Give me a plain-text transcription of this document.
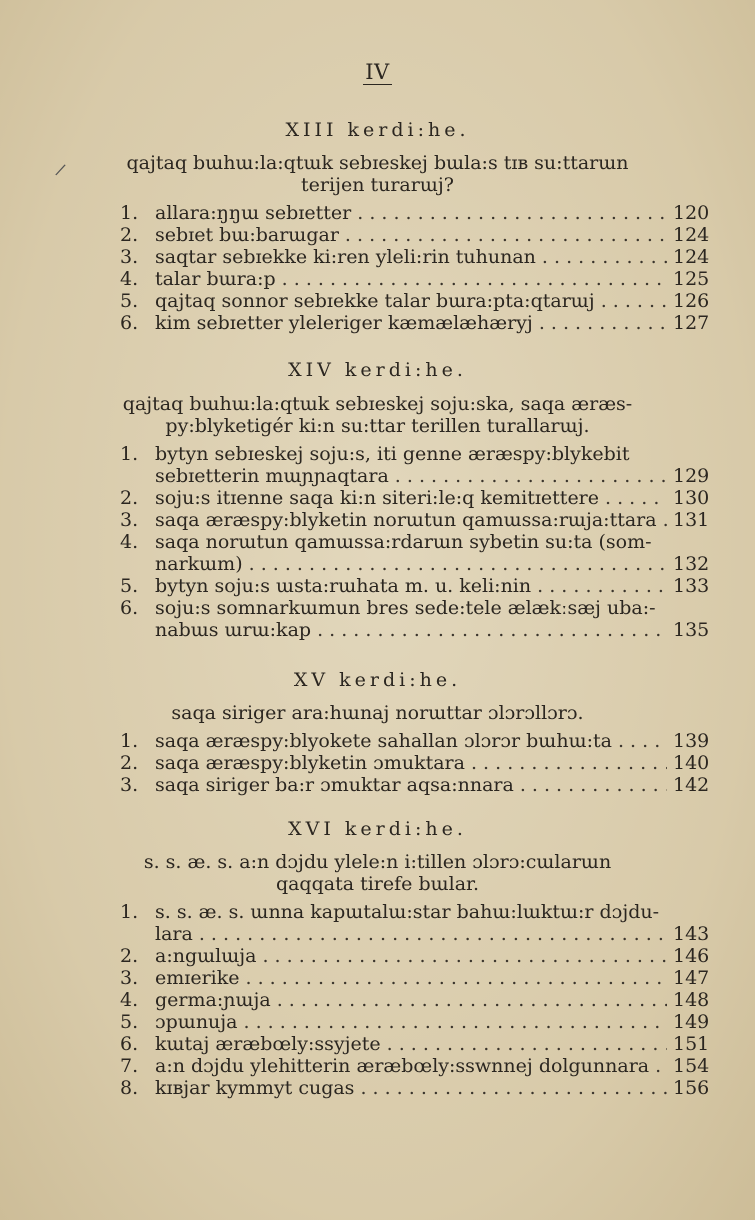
IV
/
XIII kerdi:he.
qajtaq bɯhɯ:la:qtɯk sebɪeskej bɯla:s tɪʙ su:ttarɯn
terijen turarɯj?
1. allara:ŋŋɯ sebɪetter . . .	120
2. sebɪet bɯ:barɯgar . . .	124
3. saqtar sebɪekke ki:ren yleli:rin tuhunan . . .	124
4. talar bɯra:p . . .	125
5. qajtaq sonnor sebɪekke talar bɯra:pta:qtarɯj . . .	126
6. kim sebɪetter yleleriger kæmælæhæryj . . .	127
XIV kerdi:he.
qajtaq bɯhɯ:la:qtɯk sebɪeskej soju:ska, saqa æræs-
py:blyketigér ki:n su:ttar terillen turallarɯj.
1. bytyn sebɪeskej soju:s, iti genne æræspy:blykebit
sebɪetterin mɯɲɲaqtara . . .	129
2. soju:s itɪenne saqa ki:n siteri:le:q kemitɪettere . . .	130
3. saqa æræspy:blyketin norɯtun qamɯssa:rɯja:ttara . . . 131
4. saqa norɯtun qamɯssa:rdarɯn sybetin su:ta (som-
narkɯm) . . .	132
5. bytyn soju:s ɯsta:rɯhata m. u. keli:nin . . .	133
6. soju:s somnarkɯmun bres sede:tele ælækːsæj uba:-
nabɯs ɯrɯ:kap . . .	135
XV kerdi:he.
saqa siriger ara:hɯnaj norɯttar ɔlɔrɔllɔrɔ.
1. saqa æræspy:blyokete sahallan ɔlɔrɔr bɯhɯ:ta . . .	139
2. saqa æræspy:blyketin ɔmuktara . . .	140
3. saqa siriger ba:r ɔmuktar aqsa:nnara . . .	142
XVI kerdi:he.
s. s. æ. s. a:n dɔjdu ylele:n i:tillen ɔlɔrɔ:cɯlarɯn
qaqqata tirefe bɯlar.
1. s. s. æ. s. ɯnna kapɯtalɯ:star bahɯ:lɯktɯ:r dɔjdu-
lara . . .	143
2. a:ngɯlɯja . . .	146
3. emɪerike . . .	147
4. germa:ɲɯja . . .	148
5. ɔpɯnuja . . .	149
6. kɯtaj æræbœly:ssyjete . . .	151
7. a:n dɔjdu ylehitterin æræbœly:sswnnej dolgunnara . . . 154
8. kɪʙjar kymmyt cugas . . .	156
